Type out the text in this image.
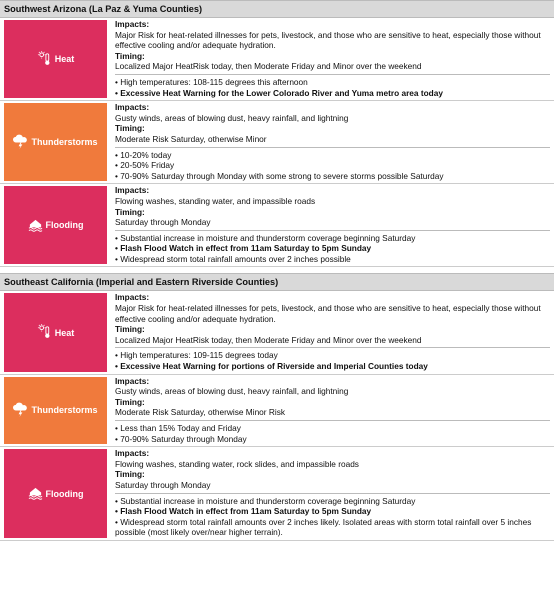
Southwest Arizona (La Paz & Yuma Counties)
Heat
Impacts:
Major Risk for heat-related illnesses for pets, livestock, and those who are sensitive to heat, especially those without effective cooling and/or adequate hydration.
Timing:
Localized Major HeatRisk today, then Moderate Friday and Minor over the weekend
• High temperatures: 108-115 degrees this afternoon
• Excessive Heat Warning for the Lower Colorado River and Yuma metro area today
Thunderstorms
Impacts:
Gusty winds, areas of blowing dust, heavy rainfall, and lightning
Timing:
Moderate Risk Saturday, otherwise Minor
• 10-20% today
• 20-50% Friday
• 70-90% Saturday through Monday with some strong to severe storms possible Saturday
Flooding
Impacts:
Flowing washes, standing water, and impassible roads
Timing:
Saturday through Monday
• Substantial increase in moisture and thunderstorm coverage beginning Saturday
• Flash Flood Watch in effect from 11am Saturday to 5pm Sunday
• Widespread storm total rainfall amounts over 2 inches possible
Southeast California (Imperial and Eastern Riverside Counties)
Heat
Impacts:
Major Risk for heat-related illnesses for pets, livestock, and those who are sensitive to heat, especially those without effective cooling and/or adequate hydration.
Timing:
Localized Major HeatRisk today, then Moderate Friday and Minor over the weekend
• High temperatures: 109-115 degrees today
• Excessive Heat Warning for portions of Riverside and Imperial Counties today
Thunderstorms
Impacts:
Gusty winds, areas of blowing dust, heavy rainfall, and lightning
Timing:
Moderate Risk Saturday, otherwise Minor Risk
• Less than 15% Today and Friday
• 70-90% Saturday through Monday
Flooding
Impacts:
Flowing washes, standing water, rock slides, and impassible roads
Timing:
Saturday through Monday
• Substantial increase in moisture and thunderstorm coverage beginning Saturday
• Flash Flood Watch in effect from 11am Saturday to 5pm Sunday
• Widespread storm total rainfall amounts over 2 inches likely. Isolated areas with storm total rainfall over 5 inches possible (most likely over/near higher terrain).
